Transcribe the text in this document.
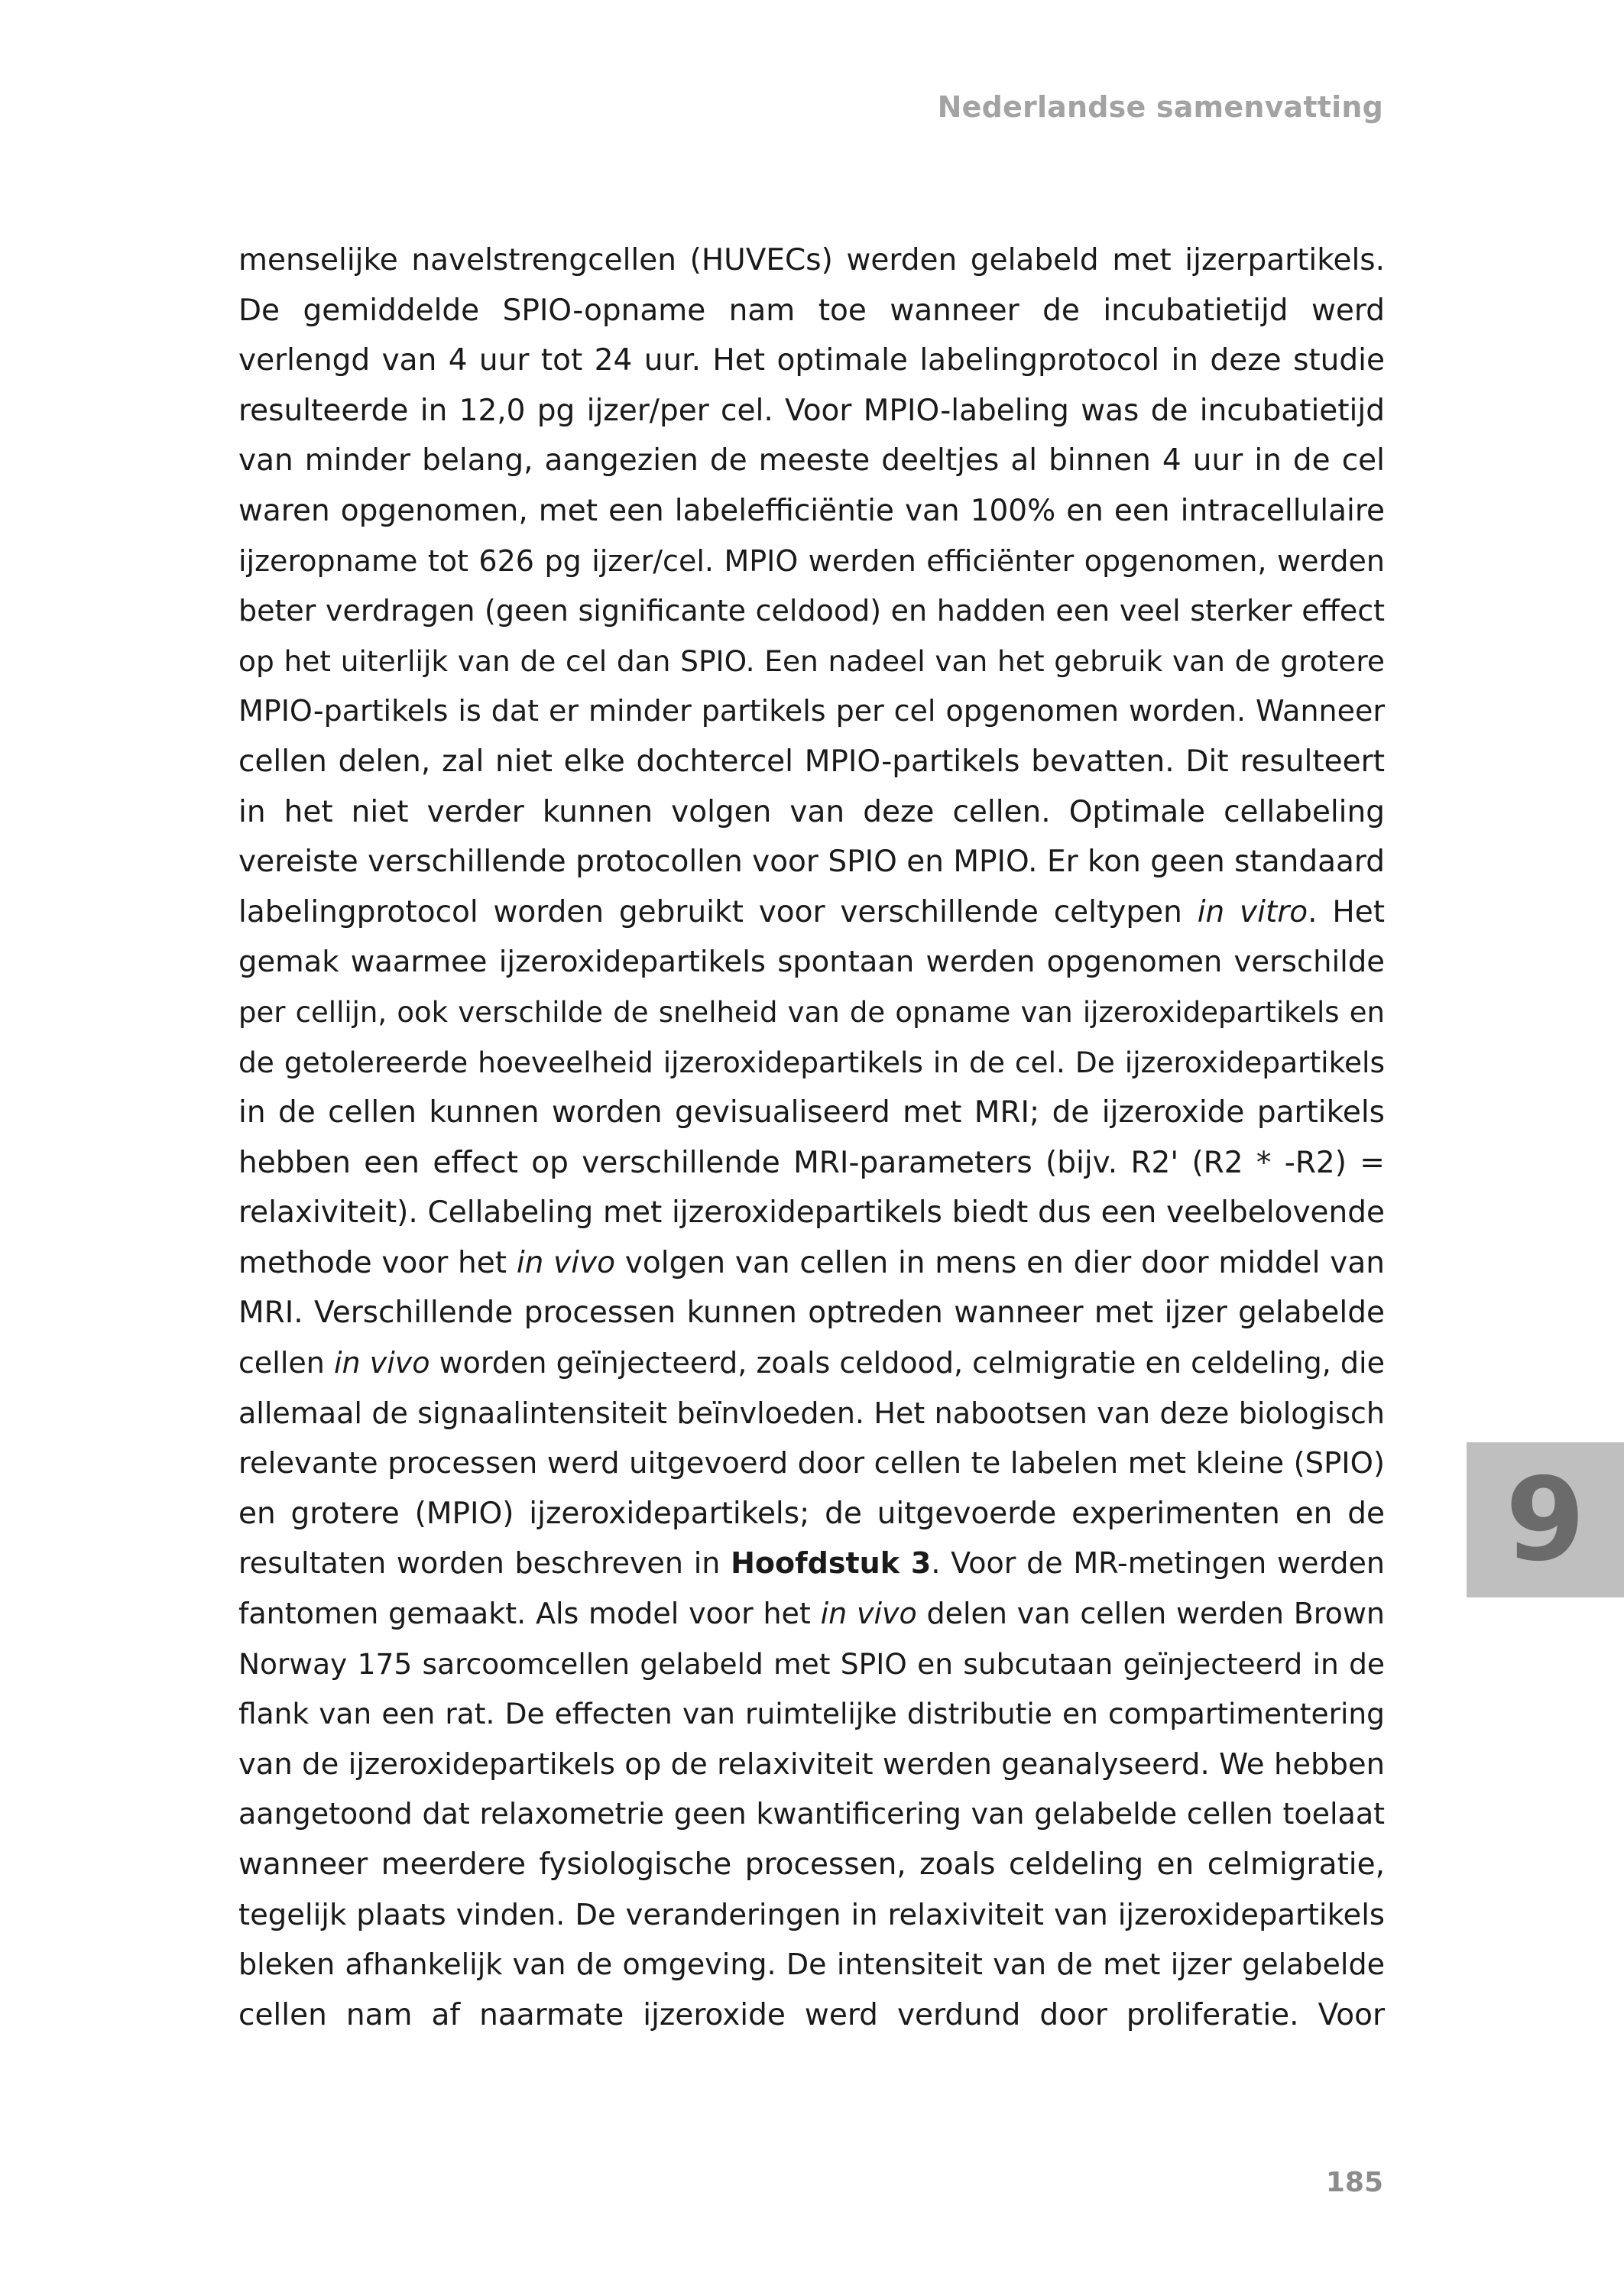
Nederlandse samenvatting
menselijke navelstrengcellen (HUVECs) werden gelabeld met ijzerpartikels.
De gemiddelde SPIO-opname nam toe wanneer de incubatietijd werd
verlengd van 4 uur tot 24 uur. Het optimale labelingprotocol in deze studie
resulteerde in 12,0 pg ijzer/per cel. Voor MPIO-labeling was de incubatietijd
van minder belang, aangezien de meeste deeltjes al binnen 4 uur in de cel
waren opgenomen, met een labelefficiëntie van 100% en een intracellulaire
ijzeropname tot 626 pg ijzer/cel. MPIO werden efficiënter opgenomen, werden
beter verdragen (geen significante celdood) en hadden een veel sterker effect
op het uiterlijk van de cel dan SPIO. Een nadeel van het gebruik van de grotere
MPIO-partikels is dat er minder partikels per cel opgenomen worden. Wanneer
cellen delen, zal niet elke dochtercel MPIO-partikels bevatten. Dit resulteert
in het niet verder kunnen volgen van deze cellen. Optimale cellabeling
vereiste verschillende protocollen voor SPIO en MPIO. Er kon geen standaard
labelingprotocol worden gebruikt voor verschillende celtypen in vitro. Het
gemak waarmee ijzeroxidepartikels spontaan werden opgenomen verschilde
per cellijn, ook verschilde de snelheid van de opname van ijzeroxidepartikels en
de getolereerde hoeveelheid ijzeroxidepartikels in de cel. De ijzeroxidepartikels
in de cellen kunnen worden gevisualiseerd met MRI; de ijzeroxide partikels
hebben een effect op verschillende MRI-parameters (bijv. R2' (R2 * -R2) =
relaxiviteit). Cellabeling met ijzeroxidepartikels biedt dus een veelbelovende
methode voor het in vivo volgen van cellen in mens en dier door middel van
MRI. Verschillende processen kunnen optreden wanneer met ijzer gelabelde
cellen in vivo worden geïnjecteerd, zoals celdood, celmigratie en celdeling, die
allemaal de signaalintensiteit beïnvloeden. Het nabootsen van deze biologisch
relevante processen werd uitgevoerd door cellen te labelen met kleine (SPIO)
en grotere (MPIO) ijzeroxidepartikels; de uitgevoerde experimenten en de
resultaten worden beschreven in Hoofdstuk 3. Voor de MR-metingen werden
fantomen gemaakt. Als model voor het in vivo delen van cellen werden Brown
Norway 175 sarcoomcellen gelabeld met SPIO en subcutaan geïnjecteerd in de
flank van een rat. De effecten van ruimtelijke distributie en compartimentering
van de ijzeroxidepartikels op de relaxiviteit werden geanalyseerd. We hebben
aangetoond dat relaxometrie geen kwantificering van gelabelde cellen toelaat
wanneer meerdere fysiologische processen, zoals celdeling en celmigratie,
tegelijk plaats vinden. De veranderingen in relaxiviteit van ijzeroxidepartikels
bleken afhankelijk van de omgeving. De intensiteit van de met ijzer gelabelde
cellen nam af naarmate ijzeroxide werd verdund door proliferatie. Voor
9
185
